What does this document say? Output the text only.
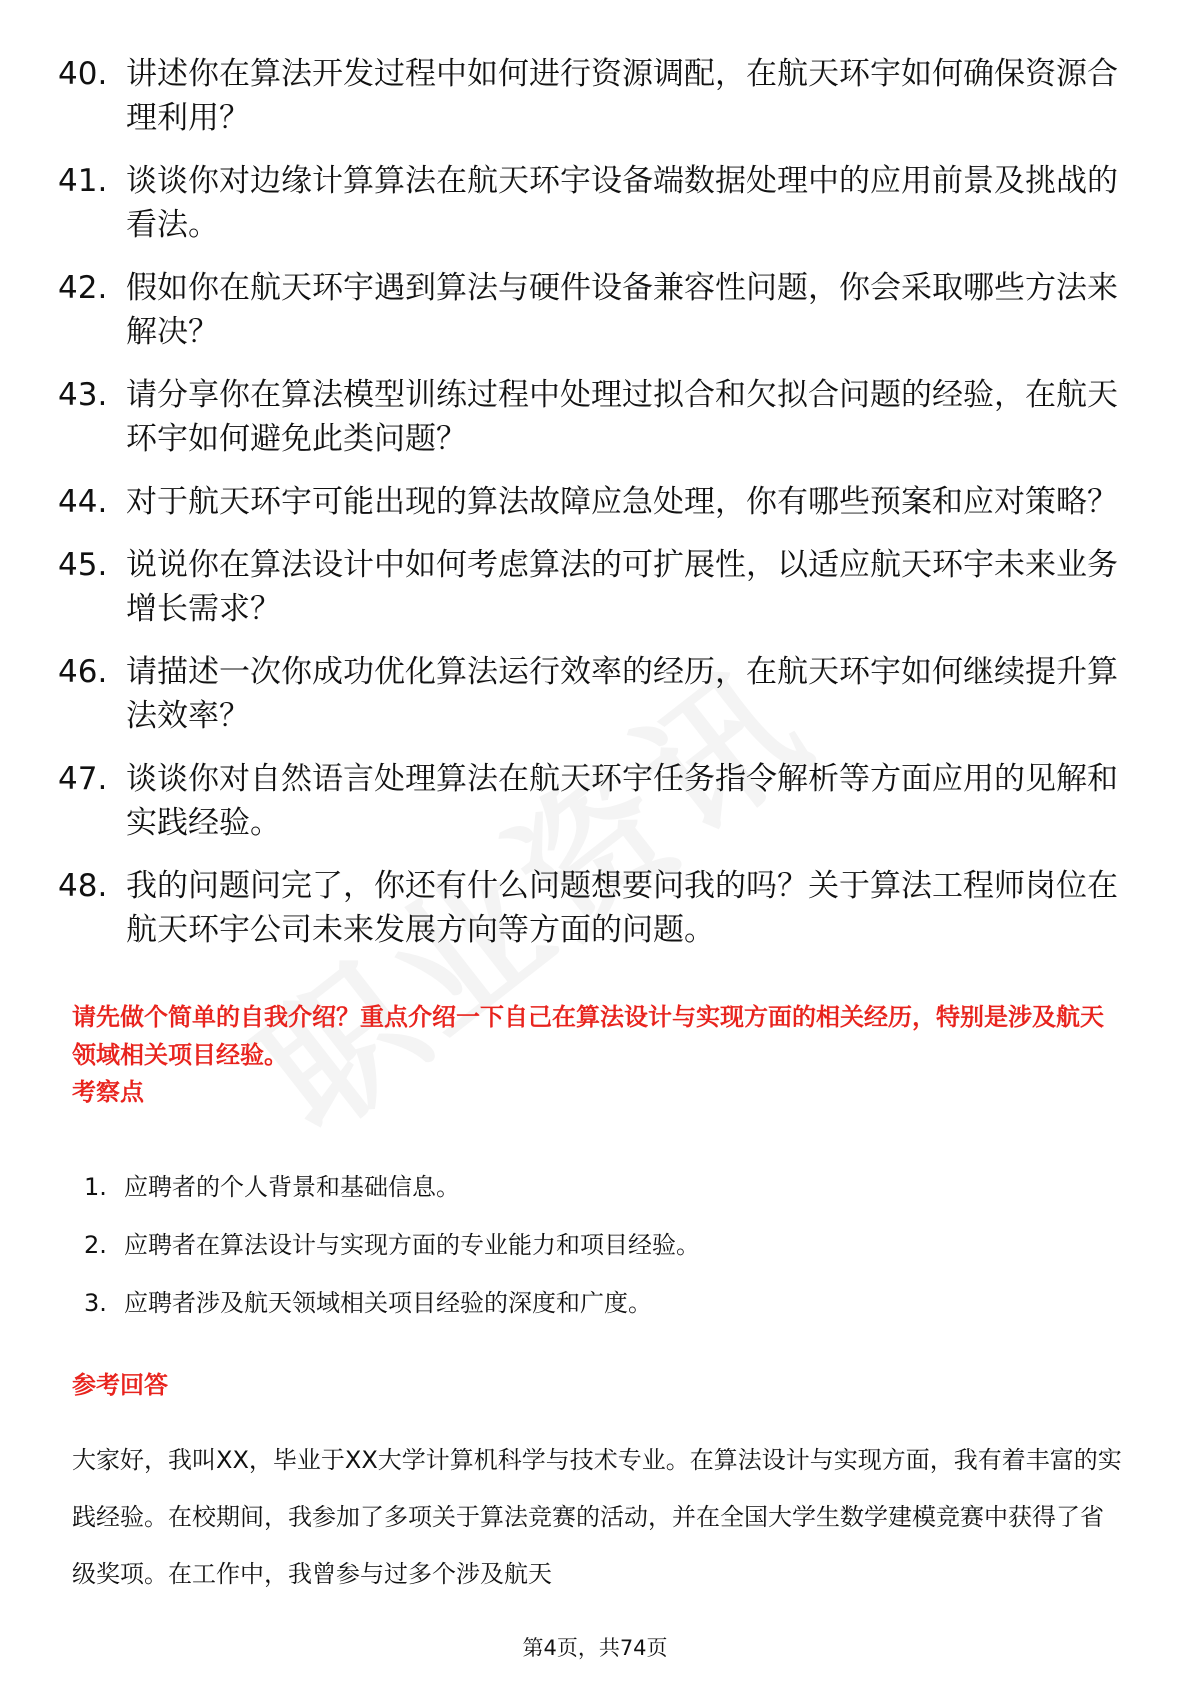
40. 讲述你在算法开发过程中如何进行资源调配，在航天环宇如何确保资源合理利用？
41. 谈谈你对边缘计算算法在航天环宇设备端数据处理中的应用前景及挑战的看法。
42. 假如你在航天环宇遇到算法与硬件设备兼容性问题，你会采取哪些方法来解决？
43. 请分享你在算法模型训练过程中处理过拟合和欠拟合问题的经验，在航天环宇如何避免此类问题？
44. 对于航天环宇可能出现的算法故障应急处理，你有哪些预案和应对策略？
45. 说说你在算法设计中如何考虑算法的可扩展性，以适应航天环宇未来业务增长需求？
46. 请描述一次你成功优化算法运行效率的经历，在航天环宇如何继续提升算法效率？
47. 谈谈你对自然语言处理算法在航天环宇任务指令解析等方面应用的见解和实践经验。
48. 我的问题问完了，你还有什么问题想要问我的吗？关于算法工程师岗位在航天环宇公司未来发展方向等方面的问题。
请先做个简单的自我介绍？重点介绍一下自己在算法设计与实现方面的相关经历，特别是涉及航天领域相关项目经验。
考察点
1. 应聘者的个人背景和基础信息。
2. 应聘者在算法设计与实现方面的专业能力和项目经验。
3. 应聘者涉及航天领域相关项目经验的深度和广度。
参考回答
大家好，我叫XX，毕业于XX大学计算机科学与技术专业。在算法设计与实现方面，我有着丰富的实践经验。在校期间，我参加了多项关于算法竞赛的活动，并在全国大学生数学建模竞赛中获得了省级奖项。在工作中，我曾参与过多个涉及航天
第4页，共74页
